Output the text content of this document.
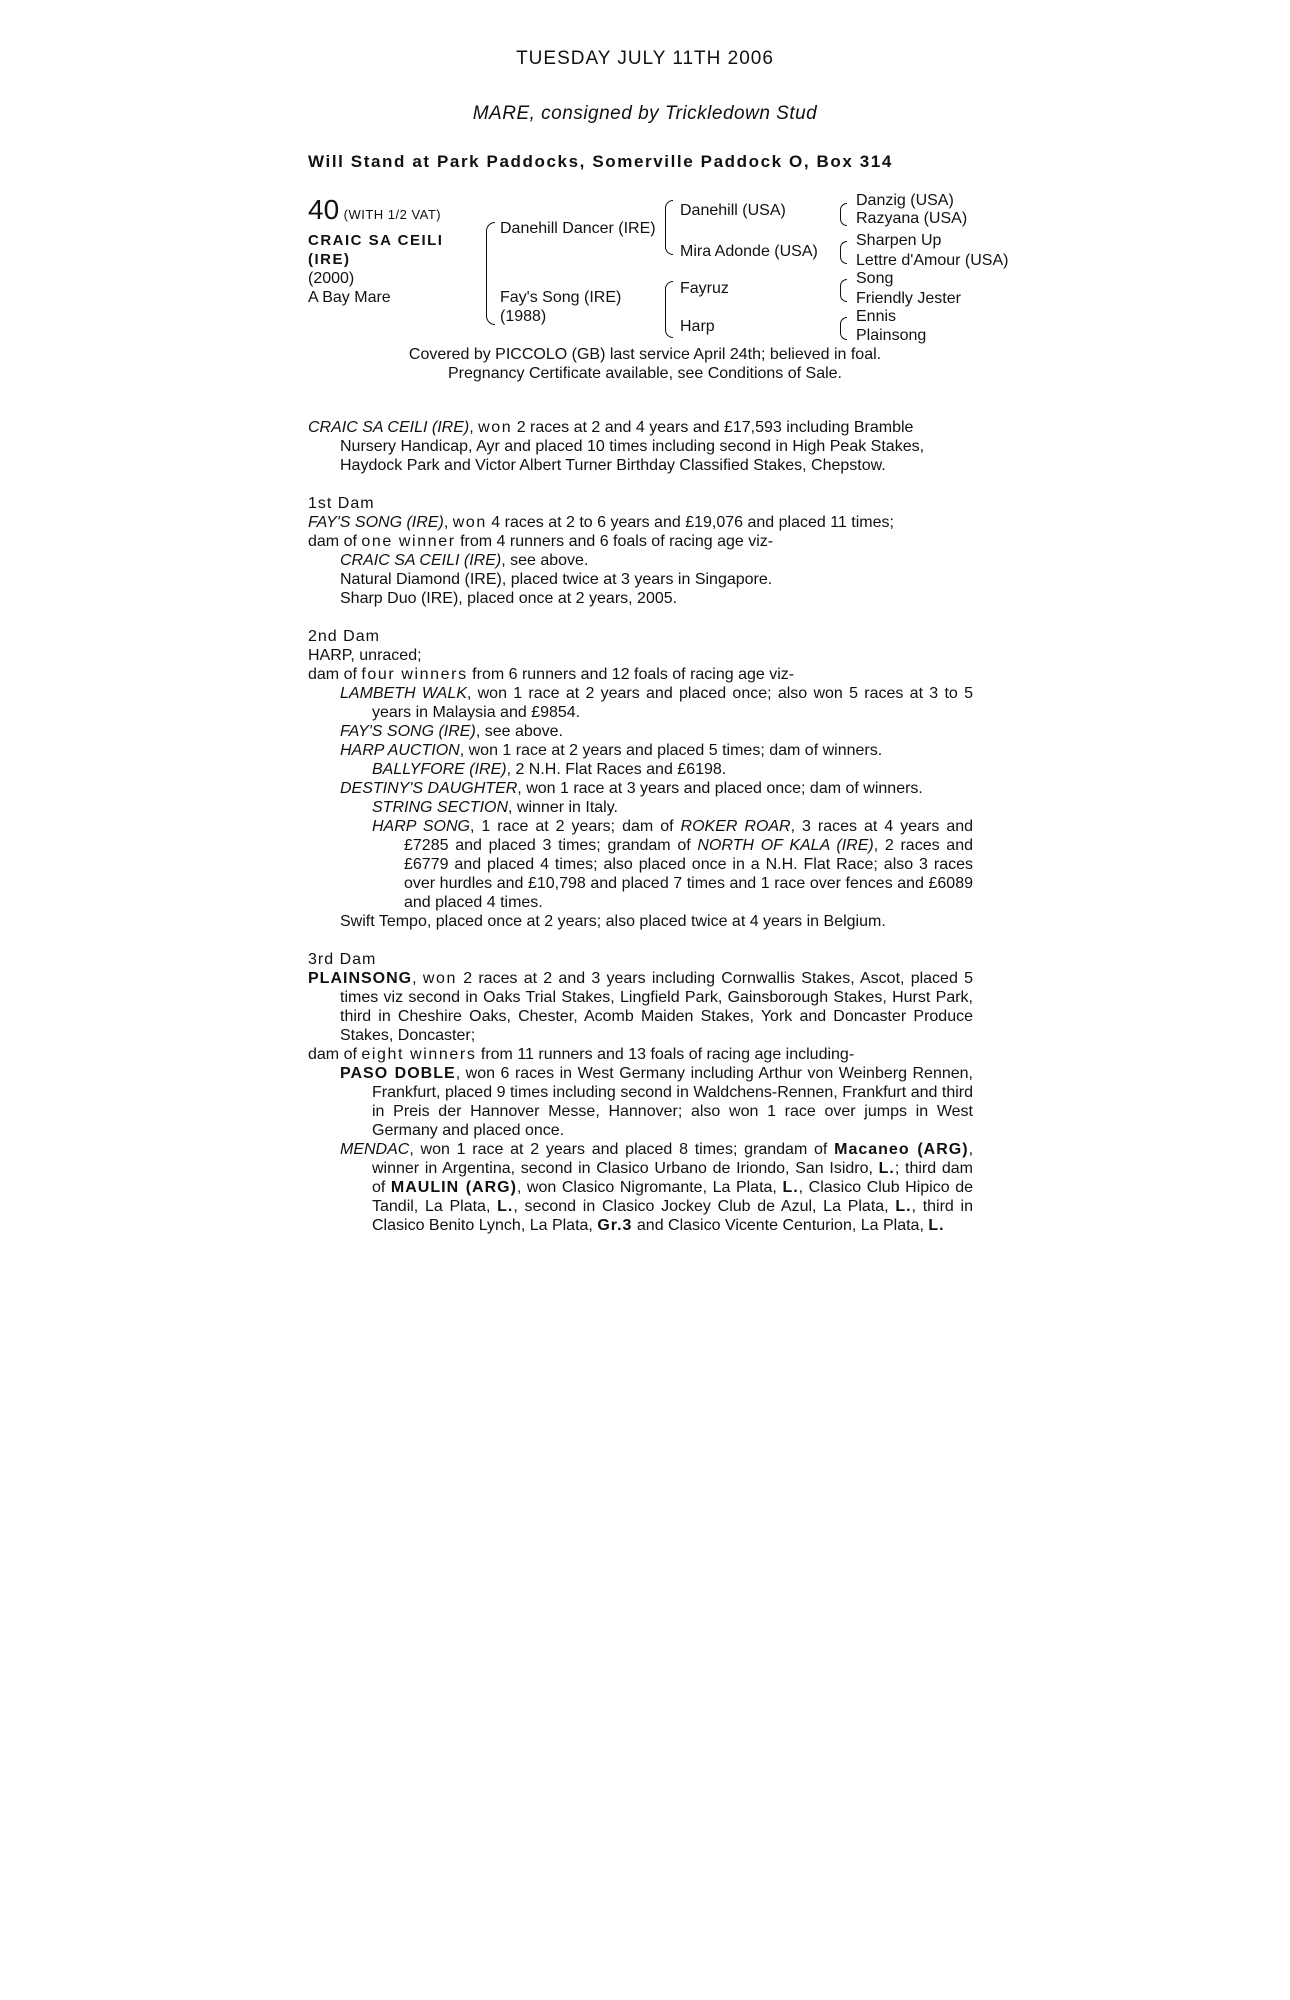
TUESDAY JULY 11TH 2006
MARE, consigned by Trickledown Stud
Will Stand at Park Paddocks, Somerville Paddock O, Box 314
40 (WITH 1/2 VAT)
CRAIC SA CEILI
(IRE)
(2000)
A Bay Mare
Danehill Dancer (IRE)
Fay's Song (IRE)
(1988)
Danehill (USA)
Mira Adonde (USA)
Fayruz
Harp
Danzig (USA)
Razyana (USA)
Sharpen Up
Lettre d'Amour (USA)
Song
Friendly Jester
Ennis
Plainsong
Covered by PICCOLO (GB) last service April 24th; believed in foal.
Pregnancy Certificate available, see Conditions of Sale.

CRAIC SA CEILI (IRE), won 2 races at 2 and 4 years and £17,593 including Bramble

Nursery Handicap, Ayr and placed 10 times including second in High Peak Stakes,

Haydock Park and Victor Albert Turner Birthday Classified Stakes, Chepstow.

1st Dam

FAY'S SONG (IRE), won 4 races at 2 to 6 years and £19,076 and placed 11 times;

dam of one winner from 4 runners and 6 foals of racing age viz-

CRAIC SA CEILI (IRE), see above.

Natural Diamond (IRE), placed twice at 3 years in Singapore.

Sharp Duo (IRE), placed once at 2 years, 2005.

2nd Dam

HARP, unraced;

dam of four winners from 6 runners and 12 foals of racing age viz-

LAMBETH WALK, won 1 race at 2 years and placed once; also won 5 races at 3 to 5 years in Malaysia and £9854.

FAY'S SONG (IRE), see above.

HARP AUCTION, won 1 race at 2 years and placed 5 times; dam of winners.

BALLYFORE (IRE), 2 N.H. Flat Races and £6198.

DESTINY'S DAUGHTER, won 1 race at 3 years and placed once; dam of winners.

STRING SECTION, winner in Italy.

HARP SONG, 1 race at 2 years; dam of ROKER ROAR, 3 races at 4 years and £7285 and placed 3 times; grandam of NORTH OF KALA (IRE), 2 races and £6779 and placed 4 times; also placed once in a N.H. Flat Race; also 3 races over hurdles and £10,798 and placed 7 times and 1 race over fences and £6089 and placed 4 times.

Swift Tempo, placed once at 2 years; also placed twice at 4 years in Belgium.

3rd Dam

PLAINSONG, won 2 races at 2 and 3 years including Cornwallis Stakes, Ascot, placed 5 times viz second in Oaks Trial Stakes, Lingfield Park, Gainsborough Stakes, Hurst Park, third in Cheshire Oaks, Chester, Acomb Maiden Stakes, York and Doncaster Produce Stakes, Doncaster;

dam of eight winners from 11 runners and 13 foals of racing age including-

PASO DOBLE, won 6 races in West Germany including Arthur von Weinberg Rennen, Frankfurt, placed 9 times including second in Waldchens-Rennen, Frankfurt and third in Preis der Hannover Messe, Hannover; also won 1 race over jumps in West Germany and placed once.

MENDAC, won 1 race at 2 years and placed 8 times; grandam of Macaneo (ARG), winner in Argentina, second in Clasico Urbano de Iriondo, San Isidro, L.; third dam of MAULIN (ARG), won Clasico Nigromante, La Plata, L., Clasico Club Hipico de Tandil, La Plata, L., second in Clasico Jockey Club de Azul, La Plata, L., third in Clasico Benito Lynch, La Plata, Gr.3 and Clasico Vicente Centurion, La Plata, L.
